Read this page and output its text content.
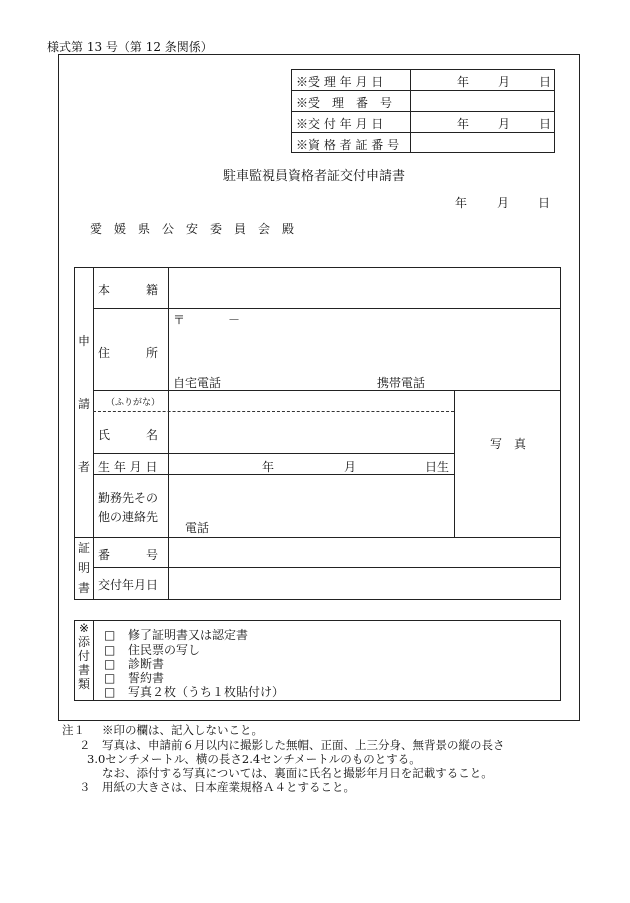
様式第 13 号（第 12 条関係）
※受 理 年 月 日	年 月 日
※受　理　番　号
※交 付 年 月 日	年 月 日
※資 格 者 証 番 号
駐車監視員資格者証交付申請書
年 月 日
愛　媛　県　公　安　委　員　会　殿
申
請
者
本　　　籍
住　　　所
〒	－
自宅電話	携帯電話
（ふりがな）
氏　　　名
写　真
生 年 月 日	年	月	日生
勤務先その
他の連絡先
電話
証
明
書
番　　　号
交付年月日
※
添
付
書
類
□ 修了証明書又は認定書
□ 住民票の写し
□ 診断書
□ 誓約書
□ 写真２枚（うち１枚貼付け）
注１ ※印の欄は、記入しないこと。
２ 写真は、申請前６月以内に撮影した無帽、正面、上三分身、無背景の縦の長さ
3.0センチメートル、横の長さ2.4センチメートルのものとする。
なお、添付する写真については、裏面に氏名と撮影年月日を記載すること。
３ 用紙の大きさは、日本産業規格Ａ４とすること。
